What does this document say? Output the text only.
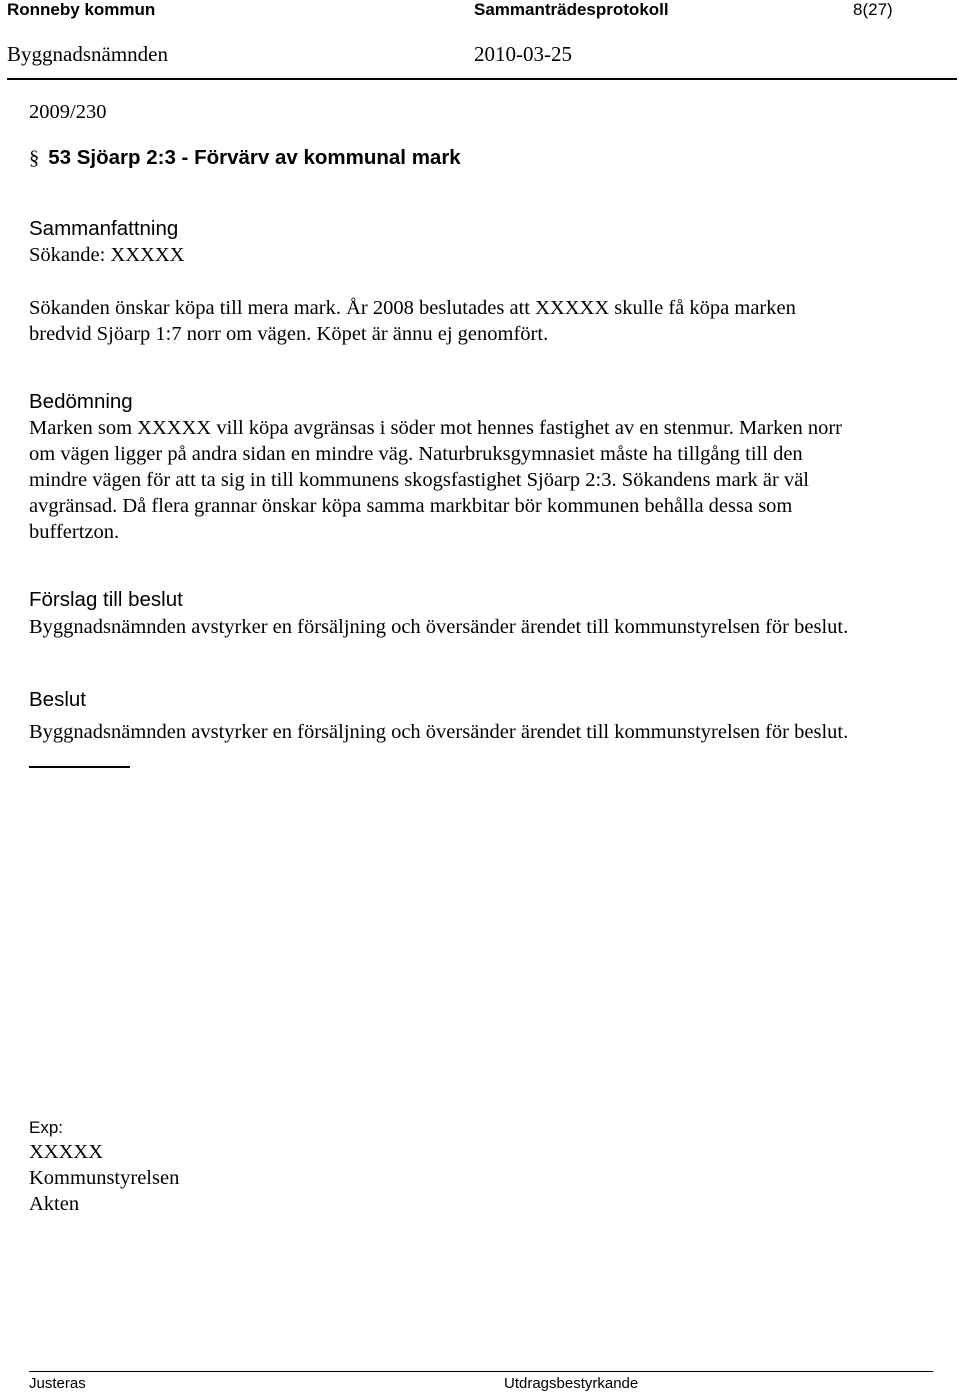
Ronneby kommun	Sammanträdesprotokoll	8(27)
Byggnadsnämnden	2010-03-25
2009/230
§ 53 Sjöarp 2:3 - Förvärv av kommunal mark
Sammanfattning
Sökande: XXXXX
Sökanden önskar köpa till mera mark. År 2008 beslutades att XXXXX skulle få köpa marken
bredvid Sjöarp 1:7 norr om vägen. Köpet är ännu ej genomfört.
Bedömning
Marken som XXXXX vill köpa avgränsas i söder mot hennes fastighet av en stenmur. Marken norr
om vägen ligger på andra sidan en mindre väg. Naturbruksgymnasiet måste ha tillgång till den
mindre vägen för att ta sig in till kommunens skogsfastighet Sjöarp 2:3. Sökandens mark är väl
avgränsad. Då flera grannar önskar köpa samma markbitar bör kommunen behålla dessa som
buffertzon.
Förslag till beslut
Byggnadsnämnden avstyrker en försäljning och översänder ärendet till kommunstyrelsen för beslut.
Beslut
Byggnadsnämnden avstyrker en försäljning och översänder ärendet till kommunstyrelsen för beslut.
Exp:
XXXXX
Kommunstyrelsen
Akten
Justeras	Utdragsbestyrkande
